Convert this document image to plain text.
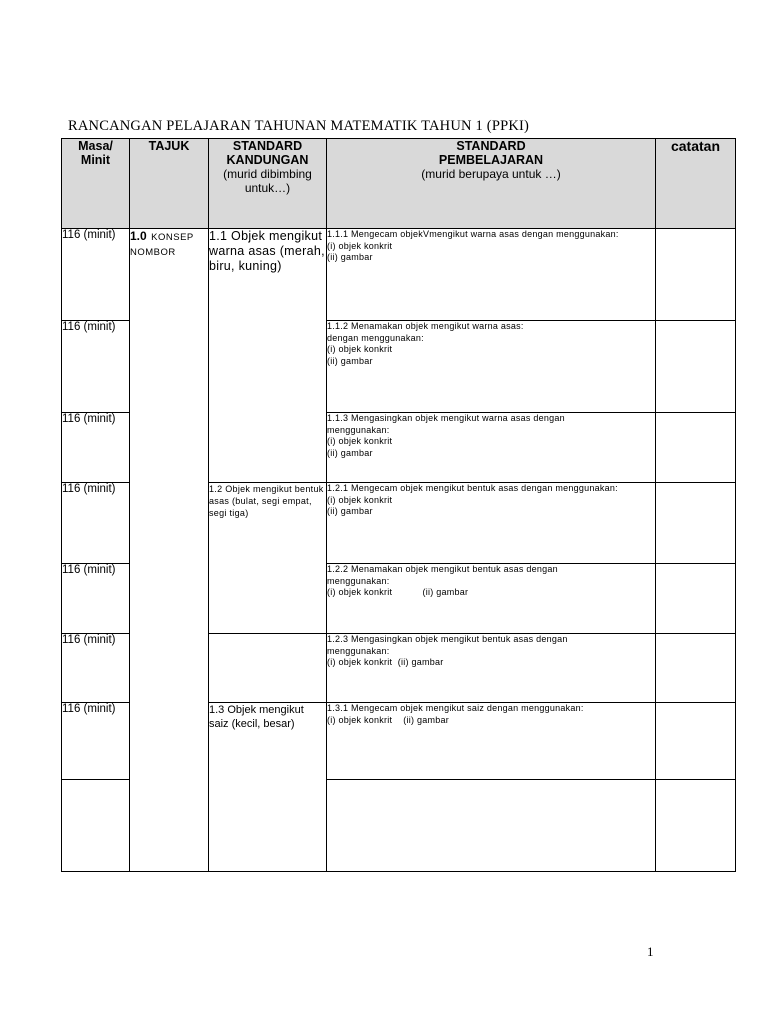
RANCANGAN PELAJARAN TAHUNAN MATEMATIK TAHUN 1 (PPKI)
Masa/ Minit	TAJUK	STANDARD
KANDUNGAN
(murid dibimbing untuk…)	STANDARD
PEMBELAJARAN
(murid berupaya untuk …)	catatan
116 (minit)	1.0 KONSEP NOMBOR	1.1 Objek mengikut warna asas (merah, biru, kuning)	1.1.1 Mengecam objekVmengikut warna asas dengan menggunakan:
(i) objek konkrit
(ii) gambar	

116 (minit)			1.1.2 Menamakan objek mengikut warna asas:
dengan menggunakan:
(i) objek konkrit
(ii) gambar	

116 (minit)			1.1.3 Mengasingkan objek mengikut warna asas dengan
menggunakan:
(i) objek konkrit
(ii) gambar	

116 (minit)		1.2 Objek mengikut bentuk asas (bulat, segi empat, segi tiga)	1.2.1 Mengecam objek mengikut bentuk asas dengan menggunakan:
(i) objek konkrit
(ii) gambar	

116 (minit)			1.2.2 Menamakan objek mengikut bentuk asas dengan
menggunakan:
(i) objek konkrit           (ii) gambar	

116 (minit)			1.2.3 Mengasingkan objek mengikut bentuk asas dengan
menggunakan:
(i) objek konkrit  (ii) gambar	

116 (minit)		1.3 Objek mengikut saiz (kecil, besar)	1.3.1 Mengecam objek mengikut saiz dengan menggunakan:
(i) objek konkrit    (ii) gambar	

1
